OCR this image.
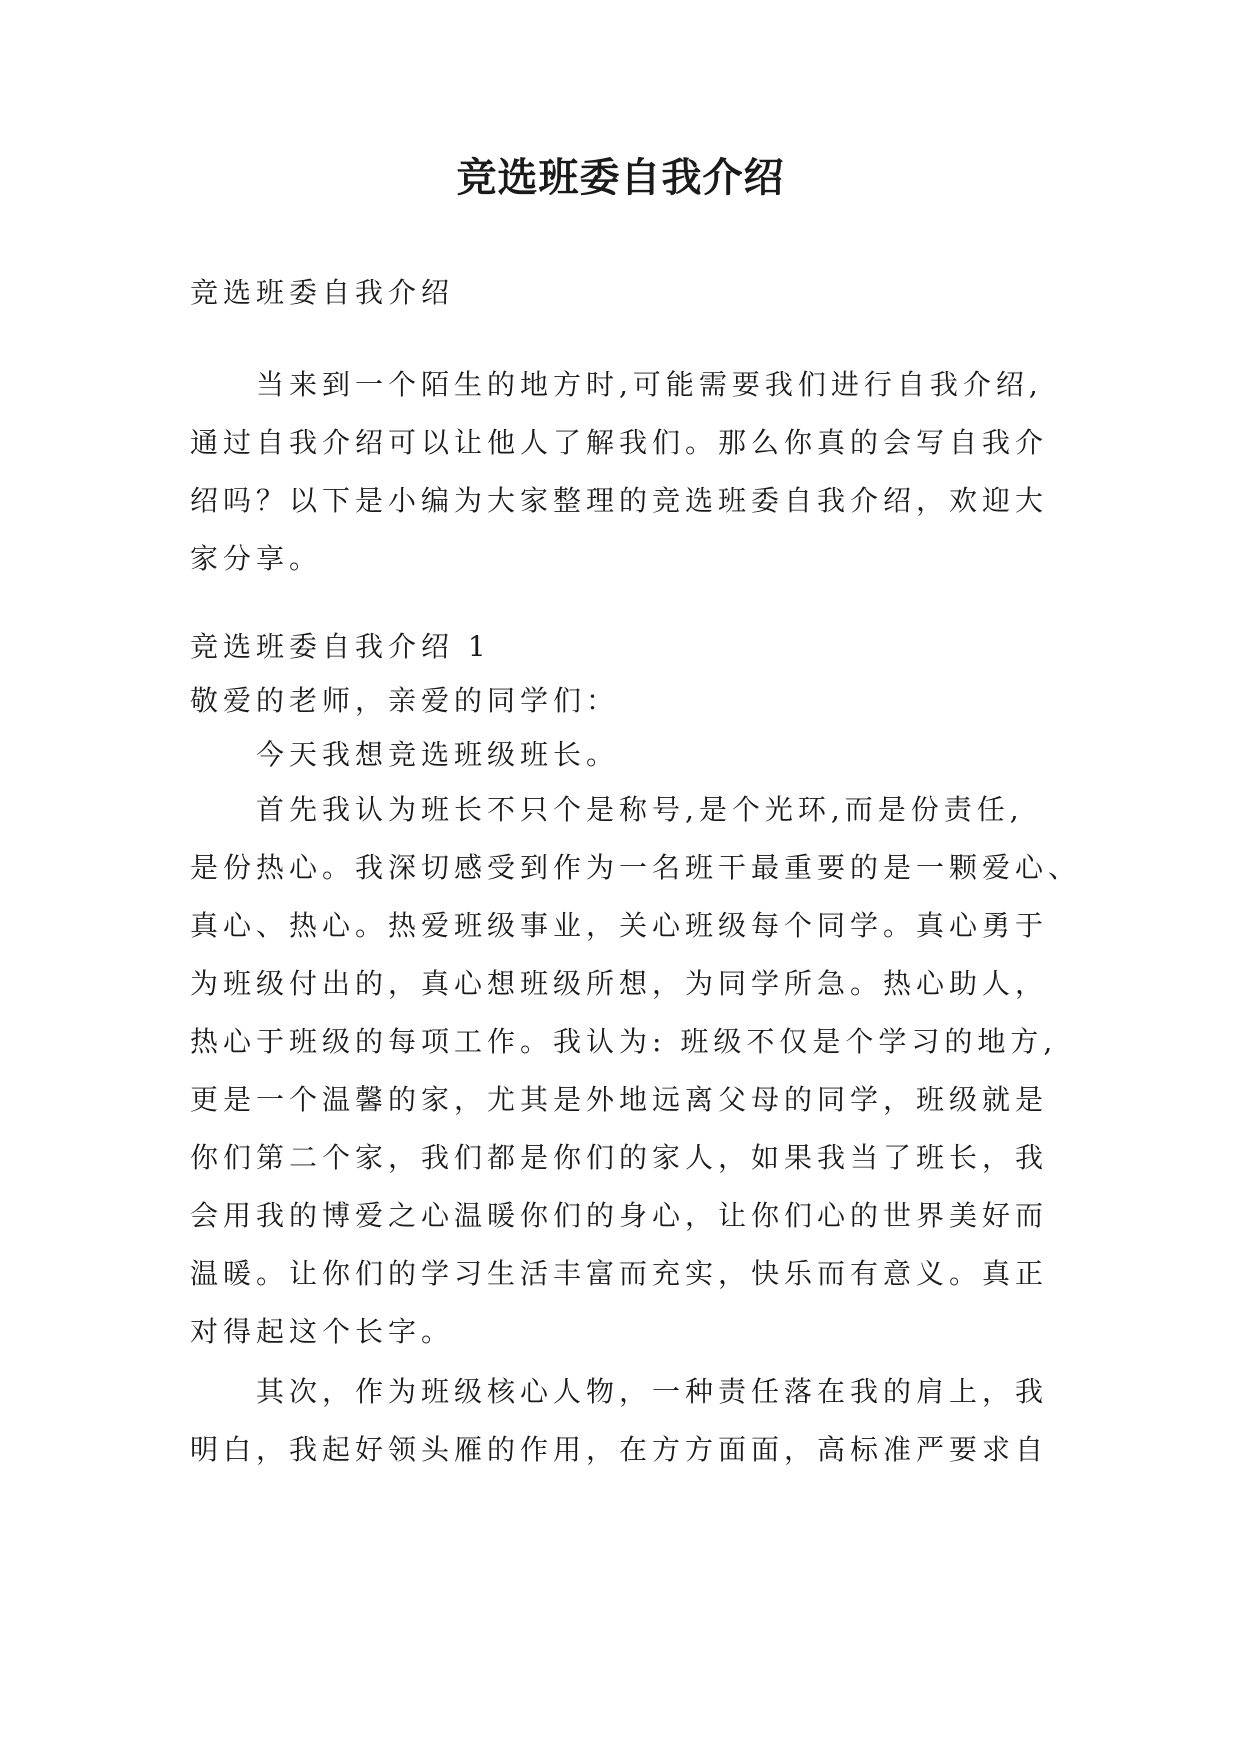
竞选班委自我介绍

竞选班委自我介绍

当来到一个陌生的地方时,可能需要我们进行自我介绍,
通过自我介绍可以让他人了解我们。那么你真的会写自我介
绍吗？以下是小编为大家整理的竞选班委自我介绍，欢迎大
家分享。

竞选班委自我介绍 1

敬爱的老师，亲爱的同学们：

今天我想竞选班级班长。

首先我认为班长不只个是称号,是个光环,而是份责任,
是份热心。我深切感受到作为一名班干最重要的是一颗爱心、
真心、热心。热爱班级事业，关心班级每个同学。真心勇于
为班级付出的，真心想班级所想，为同学所急。热心助人，
热心于班级的每项工作。我认为: 班级不仅是个学习的地方,
更是一个温馨的家，尤其是外地远离父母的同学，班级就是
你们第二个家，我们都是你们的家人，如果我当了班长，我
会用我的博爱之心温暖你们的身心，让你们心的世界美好而
温暖。让你们的学习生活丰富而充实，快乐而有意义。真正
对得起这个长字。

其次，作为班级核心人物，一种责任落在我的肩上，我
明白，我起好领头雁的作用，在方方面面，高标准严要求自
